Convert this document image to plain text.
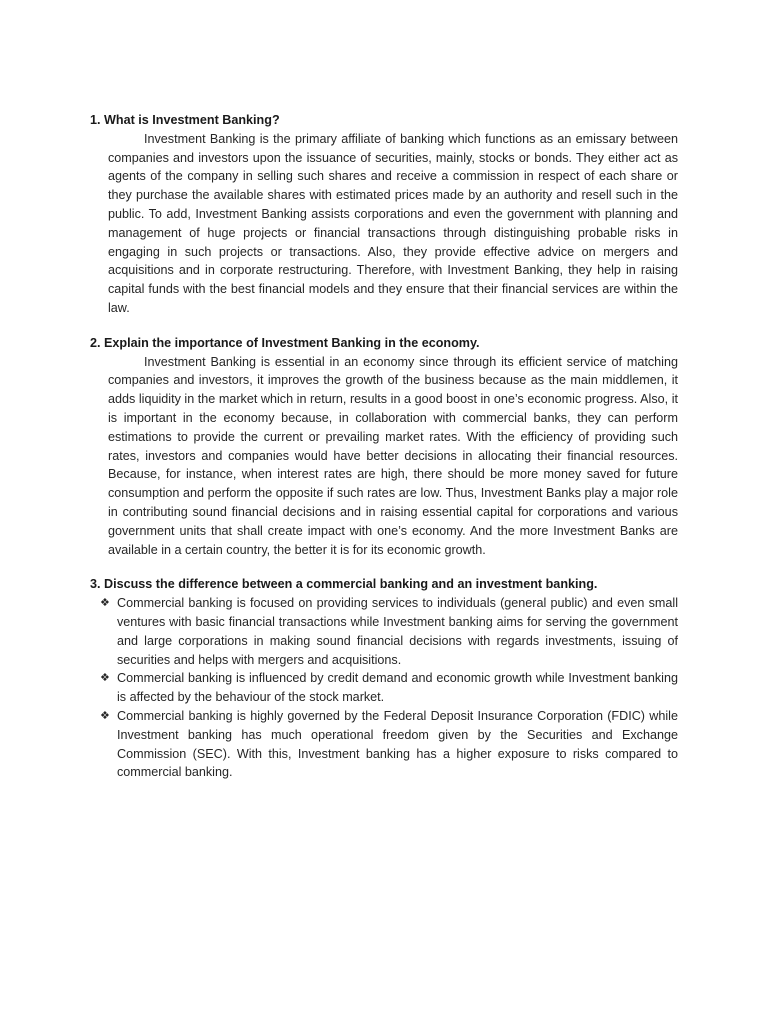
1. What is Investment Banking?

Investment Banking is the primary affiliate of banking which functions as an emissary between companies and investors upon the issuance of securities, mainly, stocks or bonds. They either act as agents of the company in selling such shares and receive a commission in respect of each share or they purchase the available shares with estimated prices made by an authority and resell such in the public. To add, Investment Banking assists corporations and even the government with planning and management of huge projects or financial transactions through distinguishing probable risks in engaging in such projects or transactions. Also, they provide effective advice on mergers and acquisitions and in corporate restructuring. Therefore, with Investment Banking, they help in raising capital funds with the best financial models and they ensure that their financial services are within the law.

2. Explain the importance of Investment Banking in the economy.

Investment Banking is essential in an economy since through its efficient service of matching companies and investors, it improves the growth of the business because as the main middlemen, it adds liquidity in the market which in return, results in a good boost in one’s economic progress. Also, it is important in the economy because, in collaboration with commercial banks, they can perform estimations to provide the current or prevailing market rates. With the efficiency of providing such rates, investors and companies would have better decisions in allocating their financial resources. Because, for instance, when interest rates are high, there should be more money saved for future consumption and perform the opposite if such rates are low. Thus, Investment Banks play a major role in contributing sound financial decisions and in raising essential capital for corporations and various government units that shall create impact with one’s economy. And the more Investment Banks are available in a certain country, the better it is for its economic growth.

3. Discuss the difference between a commercial banking and an investment banking.

❖ Commercial banking is focused on providing services to individuals (general public) and even small ventures with basic financial transactions while Investment banking aims for serving the government and large corporations in making sound financial decisions with regards investments, issuing of securities and helps with mergers and acquisitions.
❖ Commercial banking is influenced by credit demand and economic growth while Investment banking is affected by the behaviour of the stock market.
❖ Commercial banking is highly governed by the Federal Deposit Insurance Corporation (FDIC) while Investment banking has much operational freedom given by the Securities and Exchange Commission (SEC). With this, Investment banking has a higher exposure to risks compared to commercial banking.
